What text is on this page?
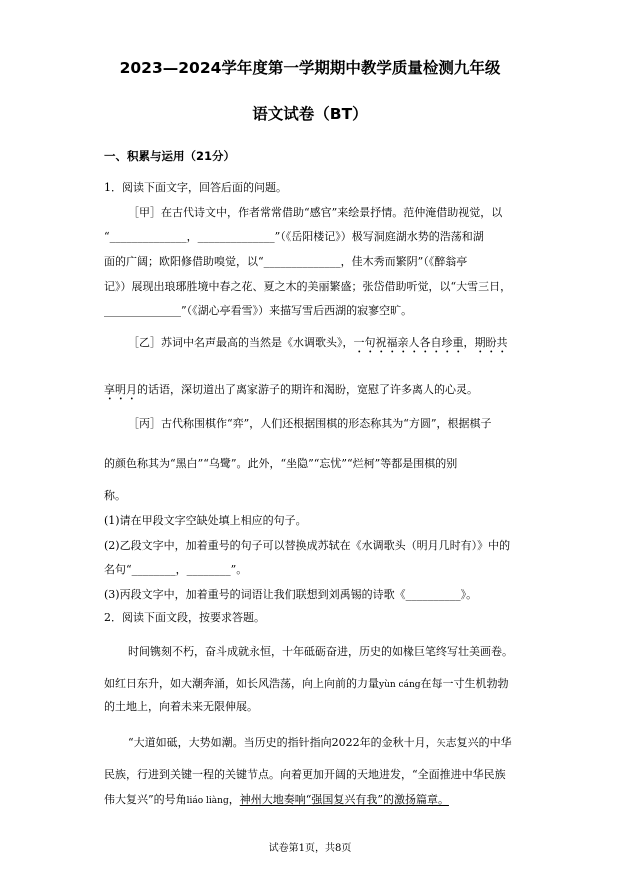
2023—2024学年度第一学期期中教学质量检测九年级
语文试卷（BT）
一、积累与运用（21分）
1．阅读下面文字，回答后面的问题。
［甲］在古代诗文中，作者常常借助“感官”来绘景抒情。范仲淹借助视觉，以
“______________，______________”（《岳阳楼记》）极写洞庭湖水势的浩荡和湖
面的广阔；欧阳修借助嗅觉，以“______________，佳木秀而繁阴”（《醉翁亭
记》）展现出琅琊胜境中春之花、夏之木的美丽繁盛；张岱借助听觉，以“大雪三日，
______________”（《湖心亭看雪》）来描写雪后西湖的寂寥空旷。
［乙］苏词中名声最高的当然是《水调歌头》，一句祝福亲人各自珍重，期盼共
享明月的话语，深切道出了离家游子的期许和渴盼，宽慰了许多离人的心灵。
［丙］古代称围棋作“弈”，人们还根据围棋的形态称其为“方圆”，根据棋子
的颜色称其为“黑白”“乌鹭”。此外，“坐隐”“忘忧”“烂柯”等都是围棋的别
称。
(1)请在甲段文字空缺处填上相应的句子。
(2)乙段文字中，加着重号的句子可以替换成苏轼在《水调歌头（明月几时有）》中的
名句“________，________”。
(3)丙段文字中，加着重号的词语让我们联想到刘禹锡的诗歌《__________》。
2．阅读下面文段，按要求答题。
时间镌刻不朽，奋斗成就永恒，十年砥砺奋进，历史的如椽巨笔终写壮美画卷。
如红日东升，如大潮奔涌，如长风浩荡，向上向前的力量yùn cáng在每一寸生机勃勃
的土地上，向着未来无限伸展。
“大道如砥，大势如潮。当历史的指针指向2022年的金秋十月，矢志复兴的中华
民族，行进到关键一程的关键节点。向着更加开阔的天地进发，“全面推进中华民族
伟大复兴”的号角liáo liàng，神州大地奏响“强国复兴有我”的激扬篇章。
试卷第1页，共8页
